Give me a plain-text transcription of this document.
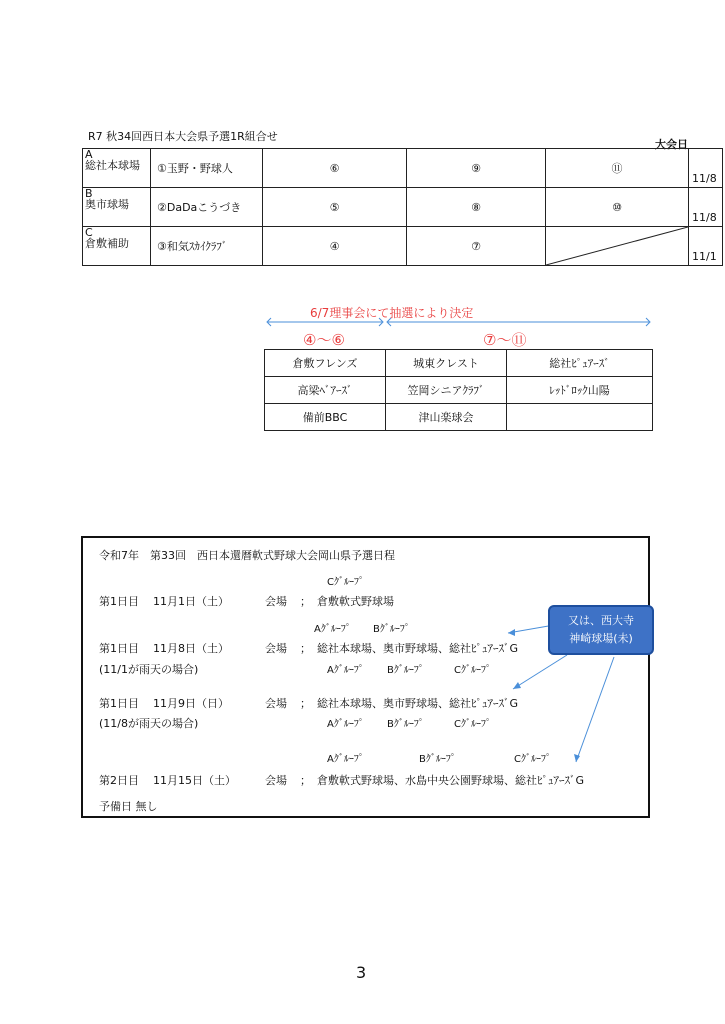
R7 秋34回西日本大会県予選1R組合せ
大会日
A
総社本球場	①玉野・野球人	⑥	⑨	⑪	11/8

B
奥市球場	②DaDaこうづき	⑤	⑧	⑩	11/8

C
倉敷補助	③和気ｽｶｲｸﾗﾌﾞ	④	⑦		11/1
6/7理事会にて抽選により決定
④～⑥	⑦～⑪
倉敷フレンズ	城東クレスト	総社ﾋﾟｭｱｰｽﾞ
高梁ﾍﾞｱｰｽﾞ	笠岡シニアｸﾗﾌﾞ	ﾚｯﾄﾞﾛｯｸ山陽
備前BBC	津山楽球会	
令和7年　第33回　西日本還暦軟式野球大会岡山県予選日程
Cｸﾞﾙｰﾌﾟ
第1日目 11月1日（土）	会場 ； 倉敷軟式野球場
Aｸﾞﾙｰﾌﾟ Bｸﾞﾙｰﾌﾟ
第1日目 11月8日（土）	会場 ； 総社本球場、奥市野球場、総社ﾋﾟｭｱｰｽﾞG
(11/1が雨天の場合)	Aｸﾞﾙｰﾌﾟ Bｸﾞﾙｰﾌﾟ	Cｸﾞﾙｰﾌﾟ
第1日目 11月9日（日）	会場 ； 総社本球場、奥市野球場、総社ﾋﾟｭｱｰｽﾞG
(11/8が雨天の場合)	Aｸﾞﾙｰﾌﾟ Bｸﾞﾙｰﾌﾟ	Cｸﾞﾙｰﾌﾟ
Aｸﾞﾙｰﾌﾟ	Bｸﾞﾙｰﾌﾟ	Cｸﾞﾙｰﾌﾟ
第2日目 11月15日（土）	会場 ； 倉敷軟式野球場、水島中央公園野球場、総社ﾋﾟｭｱｰｽﾞG
予備日 無し
又は、西大寺
神崎球場(未)
3
